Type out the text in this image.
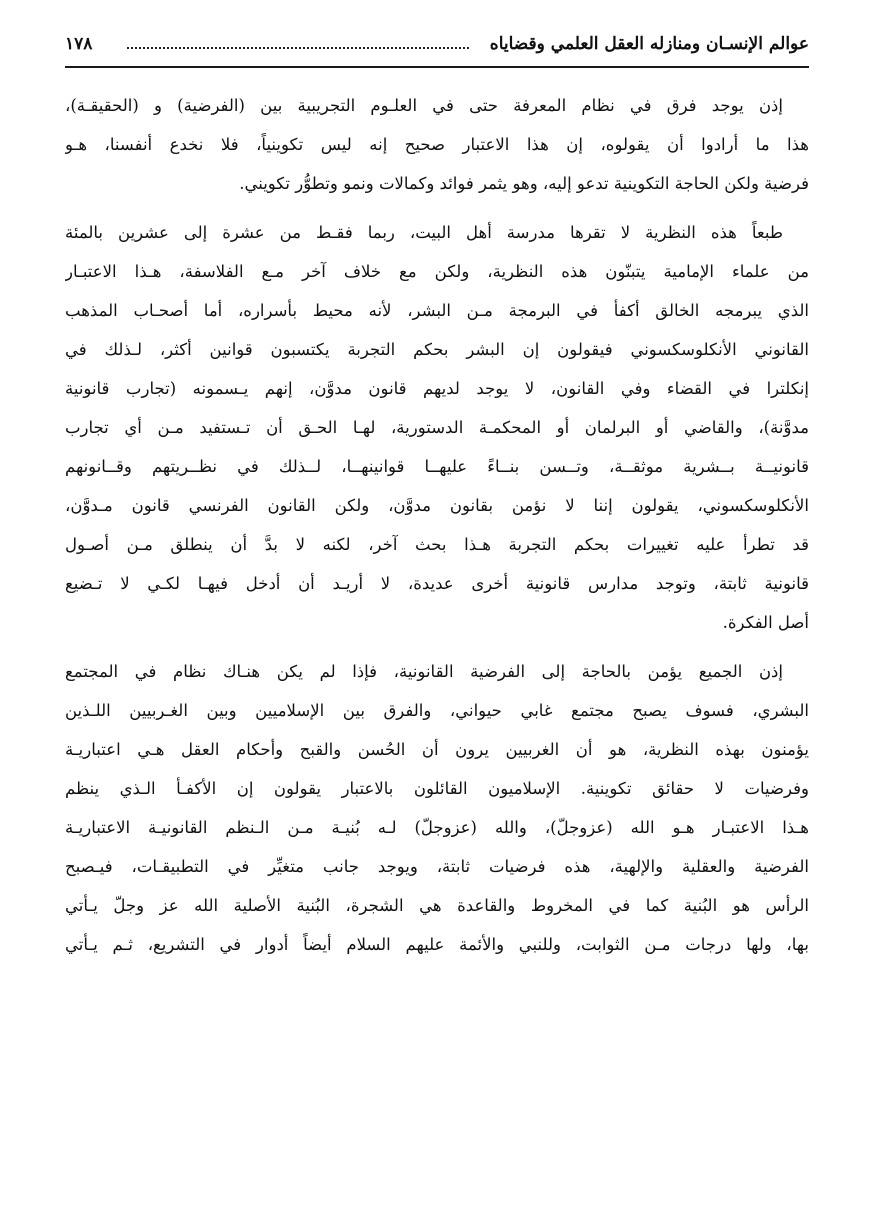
عوالم الإنسـان ومنازله العقل العلمي وقضاياه
١٧٨
إذن يوجد فرق في نظام المعرفة حتى في العلـوم التجريبية بين (الفرضية) و (الحقيقـة)،
هذا ما أرادوا أن يقولوه، إن هذا الاعتبار صحيح إنه ليس تكوينياً، فلا نخدع أنفسنا، هـو
فرضية ولكن الحاجة التكوينية تدعو إليه، وهو يثمر فوائد وكمالات ونمو وتطوُّر تكويني.
طبعاً هذه النظرية لا تقرها مدرسة أهل البيت، ربما فقـط من عشرة إلى عشرين بالمئة
من علماء الإمامية يتبنّون هذه النظرية، ولكن مع خلاف آخر مـع الفلاسفة، هـذا الاعتبـار
الذي يبرمجه الخالق أكفأ في البرمجة مـن البشر، لأنه محيط بأسراره، أما أصحـاب المذهب
القانوني الأنكلوسكسوني فيقولون إن البشر بحكم التجربة يكتسبون قوانين أكثر، لـذلك في
إنكلترا في القضاء وفي القانون، لا يوجد لديهم قانون مدوَّن، إنهم يـسمونه (تجارب قانونية
مدوَّنة)، والقاضي أو البرلمان أو المحكمـة الدستورية، لهـا الحـق أن تـستفيد مـن أي تجارب
قانونيــة بــشرية موثقــة، وتــسن بنــاءً عليهــا قوانينهــا، لــذلك في نظــريتهم وقــانونهم
الأنكلوسكسوني، يقولون إننا لا نؤمن بقانون مدوَّن، ولكن القانون الفرنسي قانون مـدوَّن،
قد تطرأ عليه تغييرات بحكم التجربة هـذا بحث آخر، لكنه لا بدَّ أن ينطلق مـن أصـول
قانونية ثابتة، وتوجد مدارس قانونية أخرى عديدة، لا أريـد أن أدخل فيهـا لكـي لا تـضيع
أصل الفكرة.
إذن الجميع يؤمن بالحاجة إلى الفرضية القانونية، فإذا لم يكن هنـاك نظام في المجتمع
البشري، فسوف يصبح مجتمع غابي حيواني، والفرق بين الإسلاميين وبين الغـربيين اللـذين
يؤمنون بهذه النظرية، هو أن الغربيين يرون أن الحُسن والقبح وأحكام العقل هـي اعتباريـة
وفرضيات لا حقائق تكوينية. الإسلاميون القائلون بالاعتبار يقولون إن الأكفـأ الـذي ينظم
هـذا الاعتبـار هـو الله (عزوجلّ)، والله (عزوجلّ) لـه بُنيـة مـن الـنظم القانونيـة الاعتباريـة
الفرضية والعقلية والإلهية، هذه فرضيات ثابتة، ويوجد جانب متغيِّر في التطبيقـات، فيـصبح
الرأس هو البُنية كما في المخروط والقاعدة هي الشجرة، البُنية الأصلية الله عز وجلّ يـأتي
بها، ولها درجات مـن الثوابت، وللنبي والأئمة عليهم السلام أيضاً أدوار في التشريع، ثـم يـأتي
